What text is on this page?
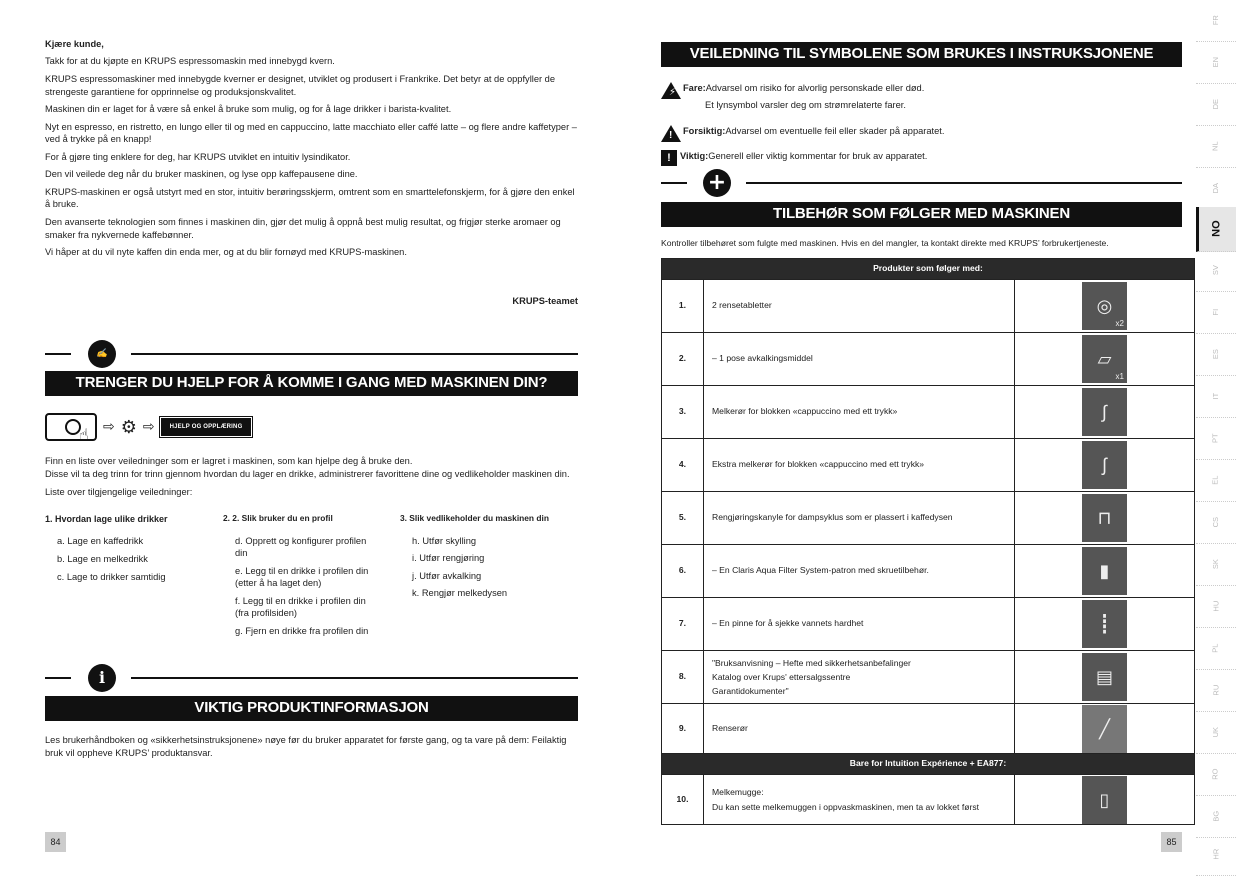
Kjære kunde,

Takk for at du kjøpte en KRUPS espressomaskin med innebygd kvern.

KRUPS espressomaskiner med innebygde kverner er designet, utviklet og produsert i Frankrike. Det betyr at de oppfyller de strengeste garantiene for opprinnelse og produksjonskvalitet.

Maskinen din er laget for å være så enkel å bruke som mulig, og for å lage drikker i barista-kvalitet.

Nyt en espresso, en ristretto, en lungo eller til og med en cappuccino, latte macchiato eller caffé latte – og flere andre kaffetyper – ved å trykke på en knapp!

For å gjøre ting enklere for deg, har KRUPS utviklet en intuitiv lysindikator.

Den vil veilede deg når du bruker maskinen, og lyse opp kaffepausene dine.

KRUPS-maskinen er også utstyrt med en stor, intuitiv berøringsskjerm, omtrent som en smarttelefonskjerm, for å gjøre den enkel å bruke.

Den avanserte teknologien som finnes i maskinen din, gjør det mulig å oppnå best mulig resultat, og frigjør sterke aromaer og smaker fra nykvernede kaffebønner.

Vi håper at du vil nyte kaffen din enda mer, og at du blir fornøyd med KRUPS-maskinen.

KRUPS-teamet
✍
TRENGER DU HJELP FOR Å KOMME I GANG MED MASKINEN DIN?
☝
⇨ ⚙ ⇨	HJELP OG OPPLÆRING

Finn en liste over veiledninger som er lagret i maskinen, som kan hjelpe deg å bruke den.

Disse vil ta deg trinn for trinn gjennom hvordan du lager en drikke, administrerer favorittene dine og vedlikeholder maskinen din.

Liste over tilgjengelige veiledninger:

1. Hvordan lage ulike drikker
a. Lage en kaffedrikk
b. Lage en melkedrikk
c. Lage to drikker samtidig
2. 2. Slik bruker du en profil
d. Opprett og konfigurer profilen din
e. Legg til en drikke i profilen din (etter å ha laget den)
f. Legg til en drikke i profilen din (fra profilsiden)
g. Fjern en drikke fra profilen din
3. Slik vedlikeholder du maskinen din
h. Utfør skylling
i. Utfør rengjøring
j. Utfør avkalking
k. Rengjør melkedysen
i
VIKTIG PRODUKTINFORMASJON
Les brukerhåndboken og «sikkerhetsinstruksjonene» nøye før du bruker apparatet for første gang, og ta vare på dem: Feilaktig bruk vil oppheve KRUPS’ produktansvar.
84
VEILEDNING TIL SYMBOLENE SOM BRUKES I INSTRUKSJONENE
⚡ Fare: Advarsel om risiko for alvorlig personskade eller død.
Et lynsymbol varsler deg om strømrelaterte farer.
! Forsiktig: Advarsel om eventuelle feil eller skader på apparatet.
! Viktig: Generell eller viktig kommentar for bruk av apparatet.
+
TILBEHØR SOM FØLGER MED MASKINEN
Kontroller tilbehøret som fulgte med maskinen. Hvis en del mangler, ta kontakt direkte med KRUPS’ forbrukertjeneste.
Produkter som følger med:		
1.	2 rensetabletter	◎
x2

2.	– 1 pose avkalkingsmiddel	▱
x1

3.	Melkerør for blokken «cappuccino med ett trykk»	∫
4.	Ekstra melkerør for blokken «cappuccino med ett trykk»	ʃ
5.	Rengjøringskanyle for dampsyklus som er plassert i kaffedysen	⊓
6.	– En Claris Aqua Filter System-patron med skruetilbehør.	▮
7.	– En pinne for å sjekke vannets hardhet	┋
8.	"Bruksanvisning – Hefte med sikkerhetsanbefalinger
Katalog over Krups' ettersalgssentre
Garantidokumenter"	▤
9.	Renserør	╱
Bare for Intuition Expérience + EA877:		
10.	Melkemugge:
Du kan sette melkemuggen i oppvaskmaskinen, men ta av lokket først	▯
85
FR
EN
DE
NL
DA
NO
SV
FI
ES
IT
PT
EL
CS
SK
HU
PL
RU
UK
RO
BG
HR
